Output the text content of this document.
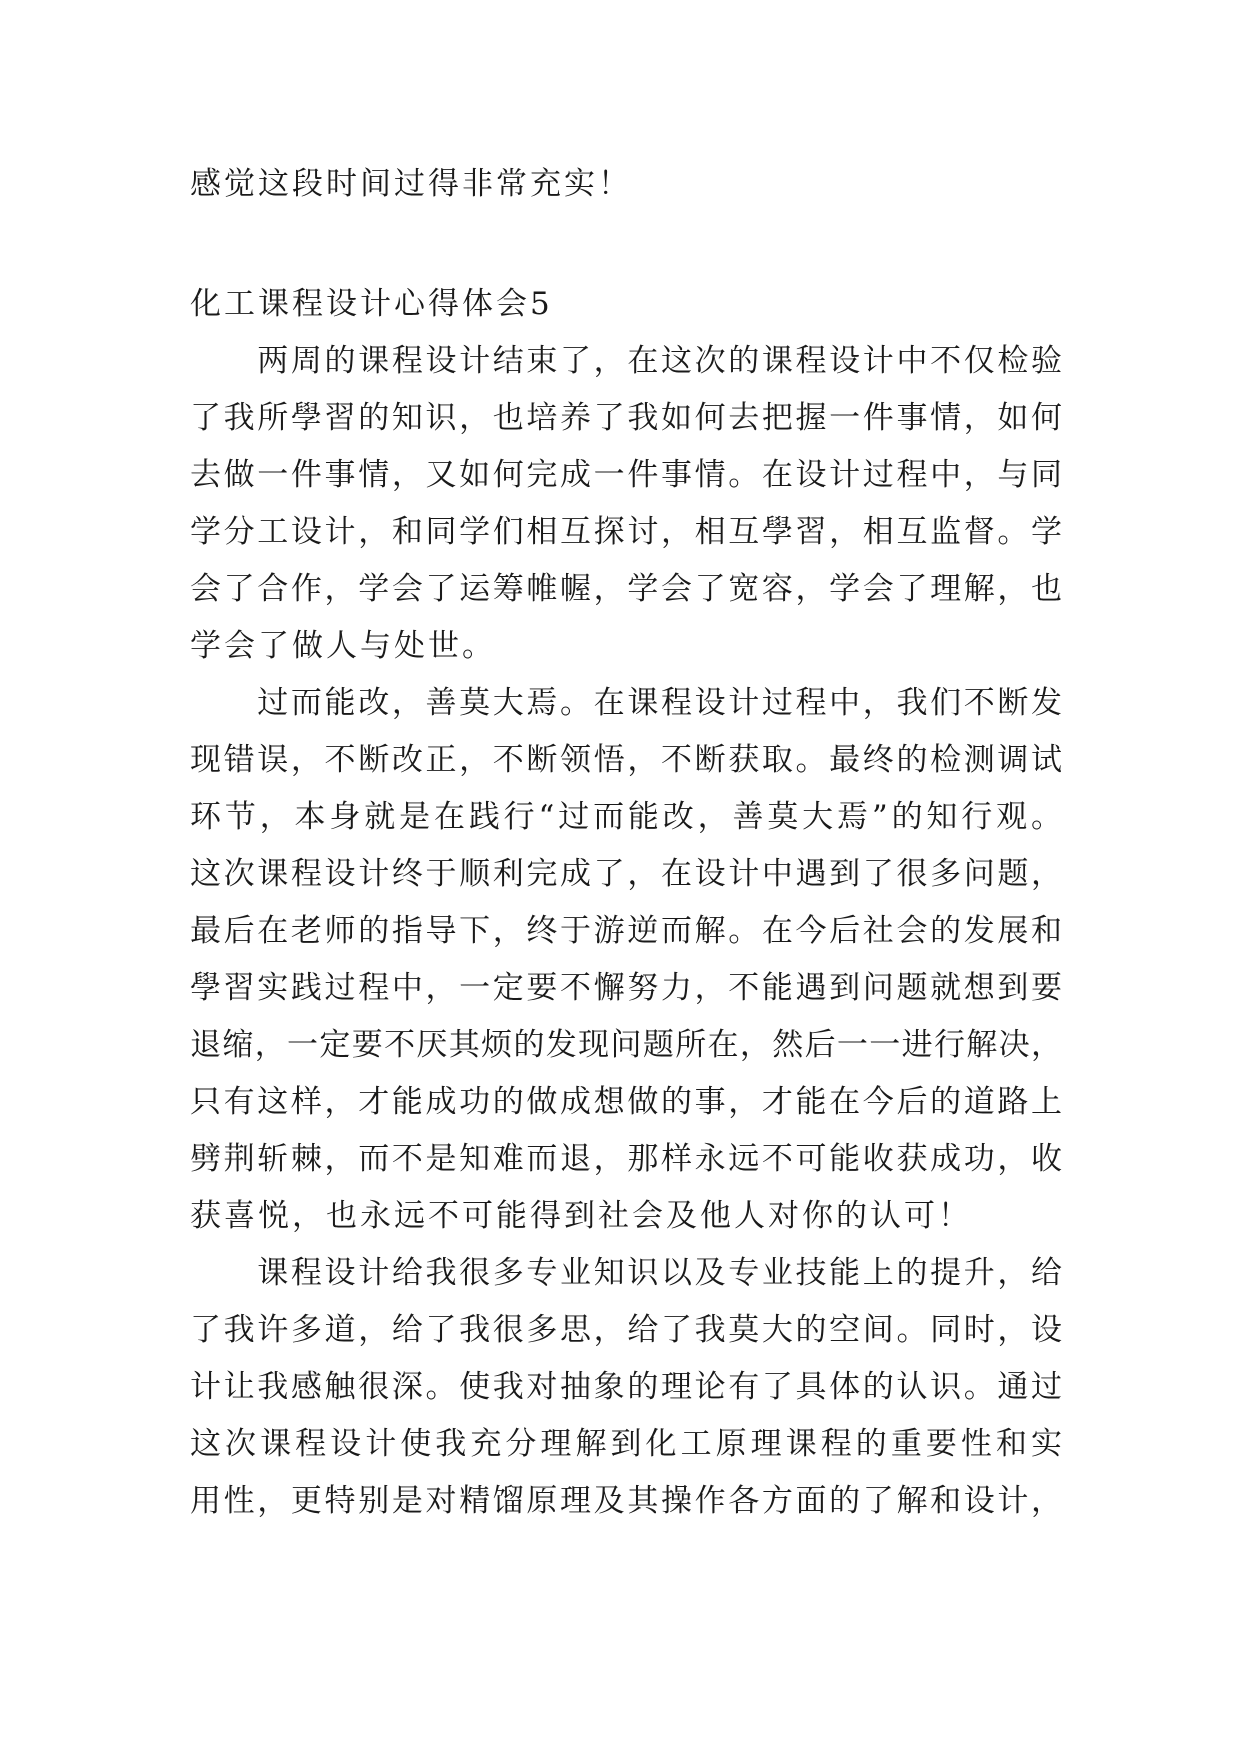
感觉这段时间过得非常充实！
化工课程设计心得体会5
　　两周的课程设计结束了，在这次的课程设计中不仅检验
了我所學習的知识，也培养了我如何去把握一件事情，如何
去做一件事情，又如何完成一件事情。在设计过程中，与同
学分工设计，和同学们相互探讨，相互學習，相互监督。学
会了合作，学会了运筹帷幄，学会了宽容，学会了理解，也
学会了做人与处世。
　　过而能改，善莫大焉。在课程设计过程中，我们不断发
现错误，不断改正，不断领悟，不断获取。最终的检测调试
环节，本身就是在践行“过而能改，善莫大焉”的知行观。
这次课程设计终于顺利完成了，在设计中遇到了很多问题，
最后在老师的指导下，终于游逆而解。在今后社会的发展和
學習实践过程中，一定要不懈努力，不能遇到问题就想到要
退缩，一定要不厌其烦的发现问题所在，然后一一进行解决，
只有这样，才能成功的做成想做的事，才能在今后的道路上
劈荆斩棘，而不是知难而退，那样永远不可能收获成功，收
获喜悦，也永远不可能得到社会及他人对你的认可！
　　课程设计给我很多专业知识以及专业技能上的提升，给
了我许多道，给了我很多思，给了我莫大的空间。同时，设
计让我感触很深。使我对抽象的理论有了具体的认识。通过
这次课程设计使我充分理解到化工原理课程的重要性和实
用性，更特别是对精馏原理及其操作各方面的了解和设计，
